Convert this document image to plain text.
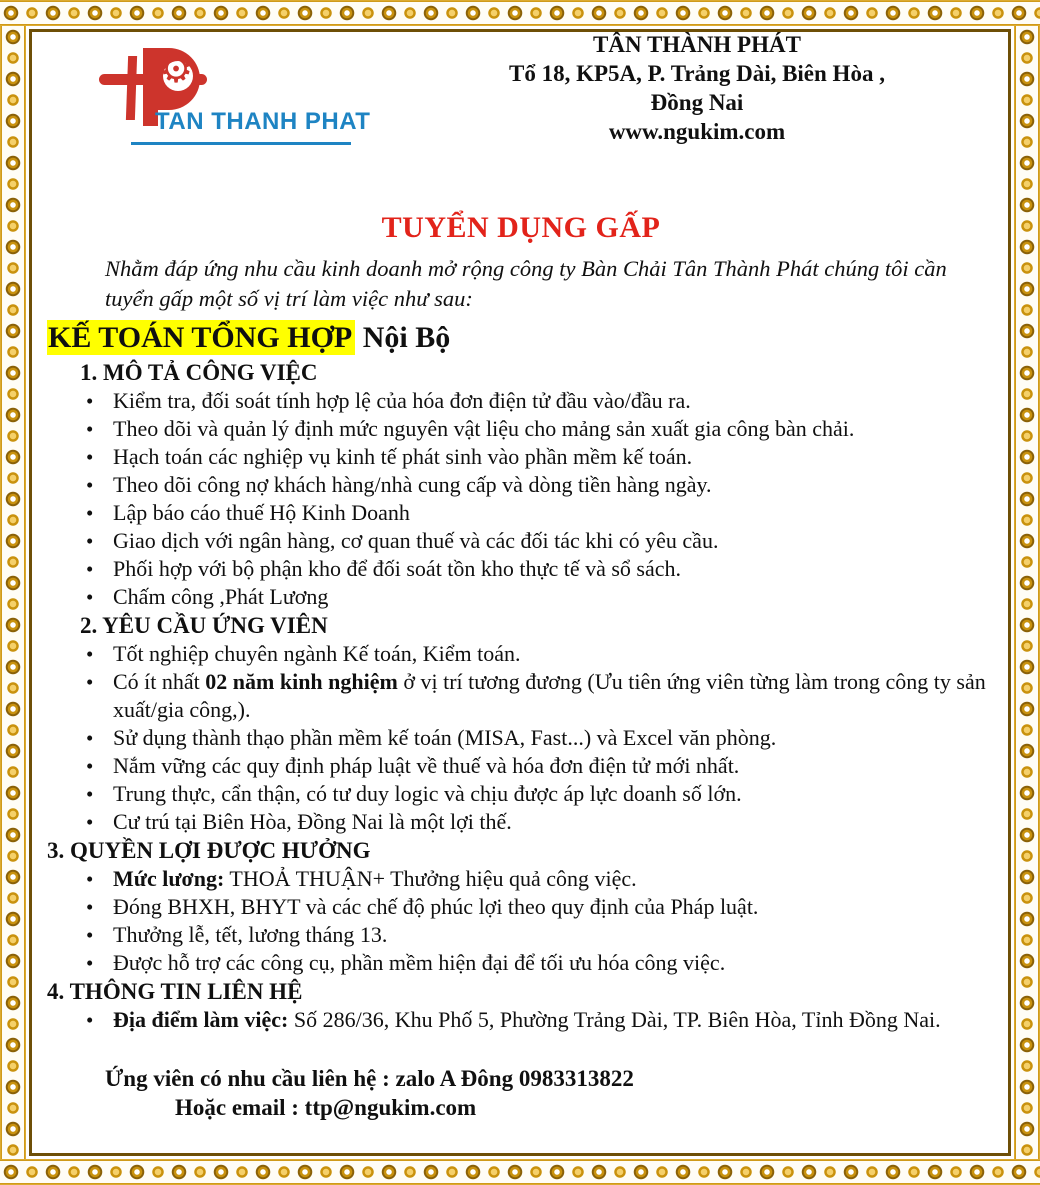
⚙
TAN THANH PHAT
TÂN THÀNH PHÁT
Tổ 18, KP5A, P. Trảng Dài, Biên Hòa ,
Đồng Nai
www.ngukim.com
TUYỂN DỤNG GẤP
Nhằm đáp ứng nhu cầu kinh doanh mở rộng công ty Bàn Chải Tân Thành Phát chúng tôi cần tuyển gấp một số vị trí làm việc như sau:
KẾ TOÁN TỔNG HỢP Nội Bộ
1. MÔ TẢ CÔNG VIỆC
• Kiểm tra, đối soát tính hợp lệ của hóa đơn điện tử đầu vào/đầu ra.
• Theo dõi và quản lý định mức nguyên vật liệu cho mảng sản xuất gia công bàn chải.
• Hạch toán các nghiệp vụ kinh tế phát sinh vào phần mềm kế toán.
• Theo dõi công nợ khách hàng/nhà cung cấp và dòng tiền hàng ngày.
• Lập báo cáo thuế Hộ Kinh Doanh
• Giao dịch với ngân hàng, cơ quan thuế và các đối tác khi có yêu cầu.
• Phối hợp với bộ phận kho để đối soát tồn kho thực tế và sổ sách.
• Chấm công ,Phát Lương
2. YÊU CẦU ỨNG VIÊN
• Tốt nghiệp chuyên ngành Kế toán, Kiểm toán.
• Có ít nhất 02 năm kinh nghiệm ở vị trí tương đương (Ưu tiên ứng viên từng làm trong công ty sản xuất/gia công,).
• Sử dụng thành thạo phần mềm kế toán (MISA, Fast...) và Excel văn phòng.
• Nắm vững các quy định pháp luật về thuế và hóa đơn điện tử mới nhất.
• Trung thực, cẩn thận, có tư duy logic và chịu được áp lực doanh số lớn.
• Cư trú tại Biên Hòa, Đồng Nai là một lợi thế.
3. QUYỀN LỢI ĐƯỢC HƯỞNG
• Mức lương: THOẢ THUẬN+ Thưởng hiệu quả công việc.
• Đóng BHXH, BHYT và các chế độ phúc lợi theo quy định của Pháp luật.
• Thưởng lễ, tết, lương tháng 13.
• Được hỗ trợ các công cụ, phần mềm hiện đại để tối ưu hóa công việc.
4. THÔNG TIN LIÊN HỆ
• Địa điểm làm việc: Số 286/36, Khu Phố 5, Phường Trảng Dài, TP. Biên Hòa, Tỉnh Đồng Nai.
Ứng viên có nhu cầu liên hệ : zalo A Đông 0983313822
Hoặc email : ttp@ngukim.com
